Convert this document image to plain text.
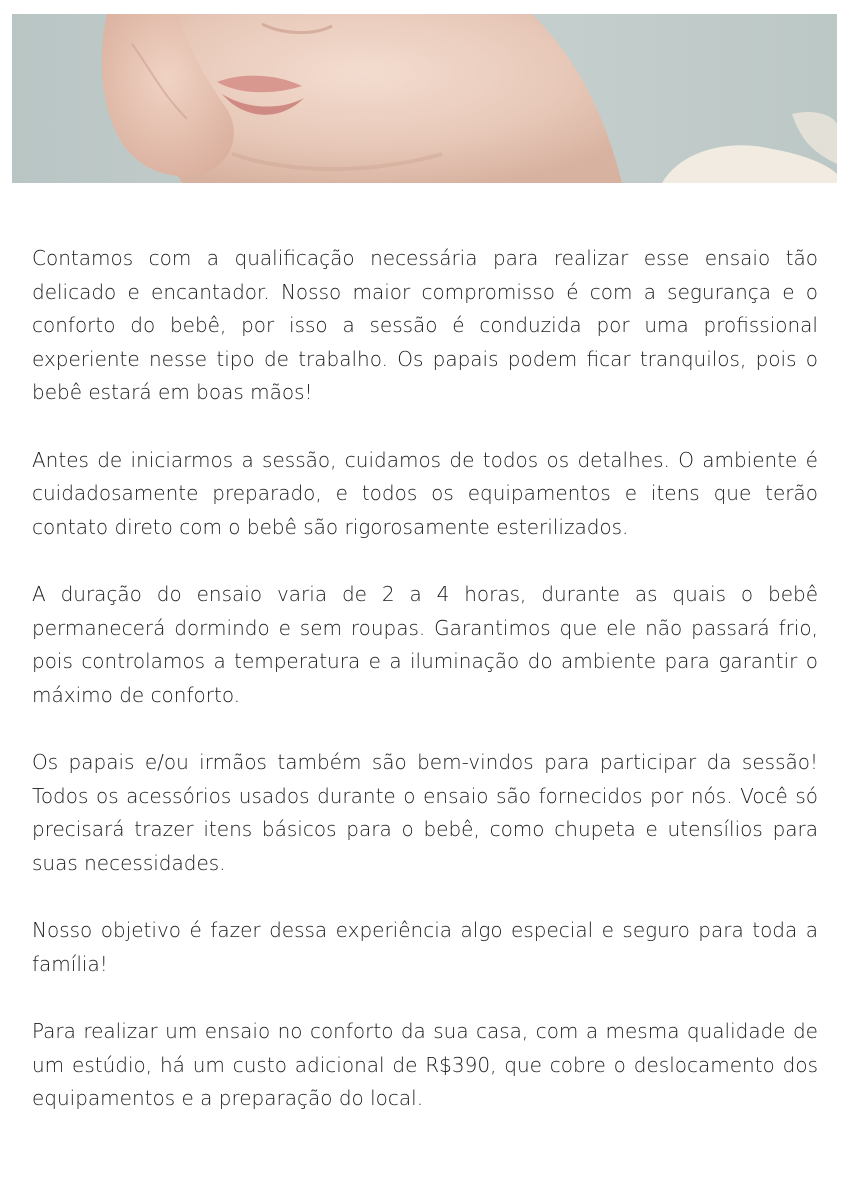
Contamos com a qualificação necessária para realizar esse ensaio tão delicado e encantador. Nosso maior compromisso é com a segurança e o conforto do bebê, por isso a sessão é conduzida por uma profissional experiente nesse tipo de trabalho. Os papais podem ficar tranquilos, pois o bebê estará em boas mãos!

Antes de iniciarmos a sessão, cuidamos de todos os detalhes. O ambiente é cuidadosamente preparado, e todos os equipamentos e itens que terão contato direto com o bebê são rigorosamente esterilizados.

A duração do ensaio varia de 2 a 4 horas, durante as quais o bebê permanecerá dormindo e sem roupas. Garantimos que ele não passará frio, pois controlamos a temperatura e a iluminação do ambiente para garantir o máximo de conforto.

Os papais e/ou irmãos também são bem-vindos para participar da sessão! Todos os acessórios usados durante o ensaio são fornecidos por nós. Você só precisará trazer itens básicos para o bebê, como chupeta e utensílios para suas necessidades.

Nosso objetivo é fazer dessa experiência algo especial e seguro para toda a família!

Para realizar um ensaio no conforto da sua casa, com a mesma qualidade de um estúdio, há um custo adicional de R$390, que cobre o deslocamento dos equipamentos e a preparação do local.
